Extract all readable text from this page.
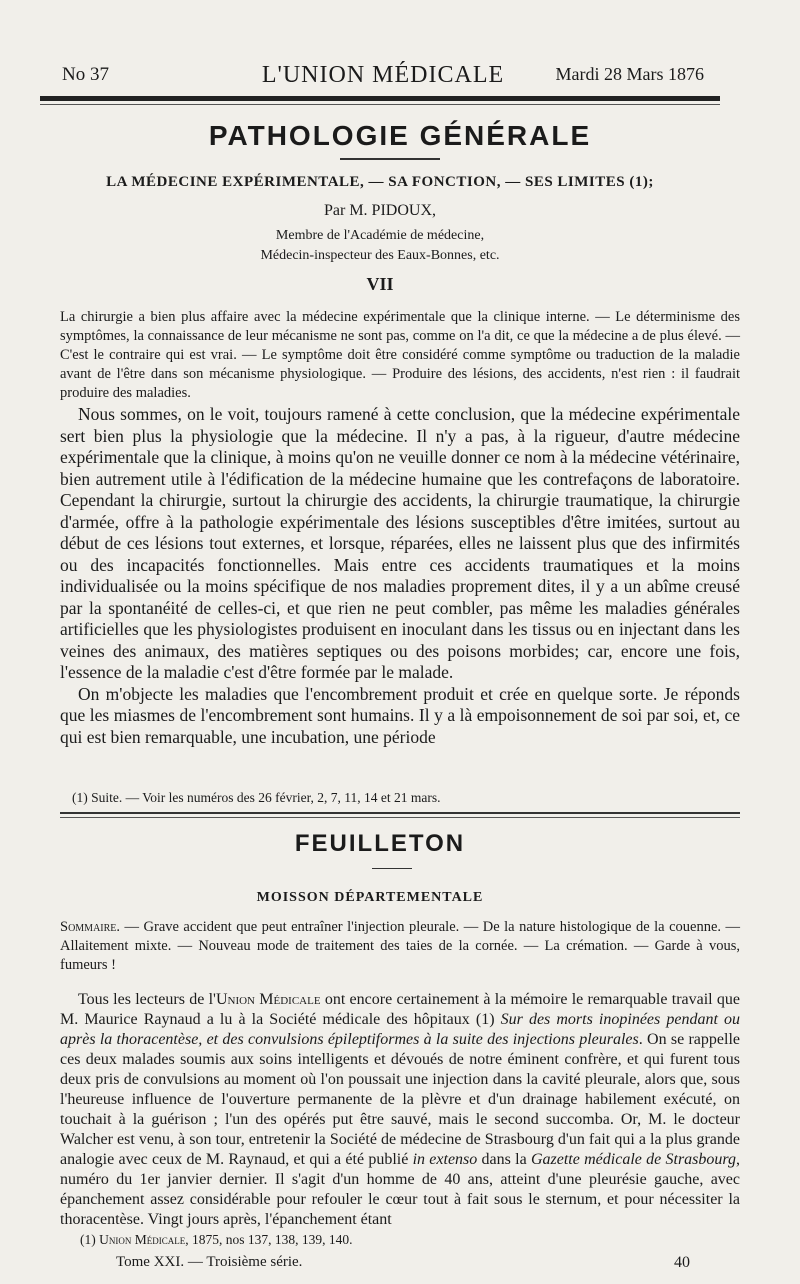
No 37	L'UNION MÉDICALE	Mardi 28 Mars 1876
PATHOLOGIE GÉNÉRALE
LA MÉDECINE EXPÉRIMENTALE, — SA FONCTION, — SES LIMITES (1);
Par M. PIDOUX,
Membre de l'Académie de médecine,
Médecin-inspecteur des Eaux-Bonnes, etc.
VII
La chirurgie a bien plus affaire avec la médecine expérimentale que la clinique interne. — Le déterminisme des symptômes, la connaissance de leur mécanisme ne sont pas, comme on l'a dit, ce que la médecine a de plus élevé. — C'est le contraire qui est vrai. — Le symptôme doit être considéré comme symptôme ou traduction de la maladie avant de l'être dans son mécanisme physiologique. — Produire des lésions, des accidents, n'est rien : il faudrait produire des maladies.

Nous sommes, on le voit, toujours ramené à cette conclusion, que la médecine expérimentale sert bien plus la physiologie que la médecine. Il n'y a pas, à la rigueur, d'autre médecine expérimentale que la clinique, à moins qu'on ne veuille donner ce nom à la médecine vétérinaire, bien autrement utile à l'édification de la médecine humaine que les contrefaçons de laboratoire. Cependant la chirurgie, surtout la chirurgie des accidents, la chirurgie traumatique, la chirurgie d'armée, offre à la pathologie expérimentale des lésions susceptibles d'être imitées, surtout au début de ces lésions tout externes, et lorsque, réparées, elles ne laissent plus que des infirmités ou des incapacités fonctionnelles. Mais entre ces accidents traumatiques et la moins individualisée ou la moins spécifique de nos maladies proprement dites, il y a un abîme creusé par la spontanéité de celles-ci, et que rien ne peut combler, pas même les maladies générales artificielles que les physiologistes produisent en inoculant dans les tissus ou en injectant dans les veines des animaux, des matières septiques ou des poisons morbides; car, encore une fois, l'essence de la maladie c'est d'être formée par le malade.

On m'objecte les maladies que l'encombrement produit et crée en quelque sorte. Je réponds que les miasmes de l'encombrement sont humains. Il y a là empoisonnement de soi par soi, et, ce qui est bien remarquable, une incubation, une période

(1) Suite. — Voir les numéros des 26 février, 2, 7, 11, 14 et 21 mars.
FEUILLETON
MOISSON DÉPARTEMENTALE
Sommaire. — Grave accident que peut entraîner l'injection pleurale. — De la nature histologique de la couenne. — Allaitement mixte. — Nouveau mode de traitement des taies de la cornée. — La crémation. — Garde à vous, fumeurs !

Tous les lecteurs de l'Union Médicale ont encore certainement à la mémoire le remarquable travail que M. Maurice Raynaud a lu à la Société médicale des hôpitaux (1) Sur des morts inopinées pendant ou après la thoracentèse, et des convulsions épileptiformes à la suite des injections pleurales. On se rappelle ces deux malades soumis aux soins intelligents et dévoués de notre éminent confrère, et qui furent tous deux pris de convulsions au moment où l'on poussait une injection dans la cavité pleurale, alors que, sous l'heureuse influence de l'ouverture permanente de la plèvre et d'un drainage habilement exécuté, on touchait à la guérison ; l'un des opérés put être sauvé, mais le second succomba. Or, M. le docteur Walcher est venu, à son tour, entretenir la Société de médecine de Strasbourg d'un fait qui a la plus grande analogie avec ceux de M. Raynaud, et qui a été publié in extenso dans la Gazette médicale de Strasbourg, numéro du 1er janvier dernier. Il s'agit d'un homme de 40 ans, atteint d'une pleurésie gauche, avec épanchement assez considérable pour refouler le cœur tout à fait sous le sternum, et pour nécessiter la thoracentèse. Vingt jours après, l'épanchement étant

(1) Union Médicale, 1875, nos 137, 138, 139, 140.
Tome XXI. — Troisième série.	40
